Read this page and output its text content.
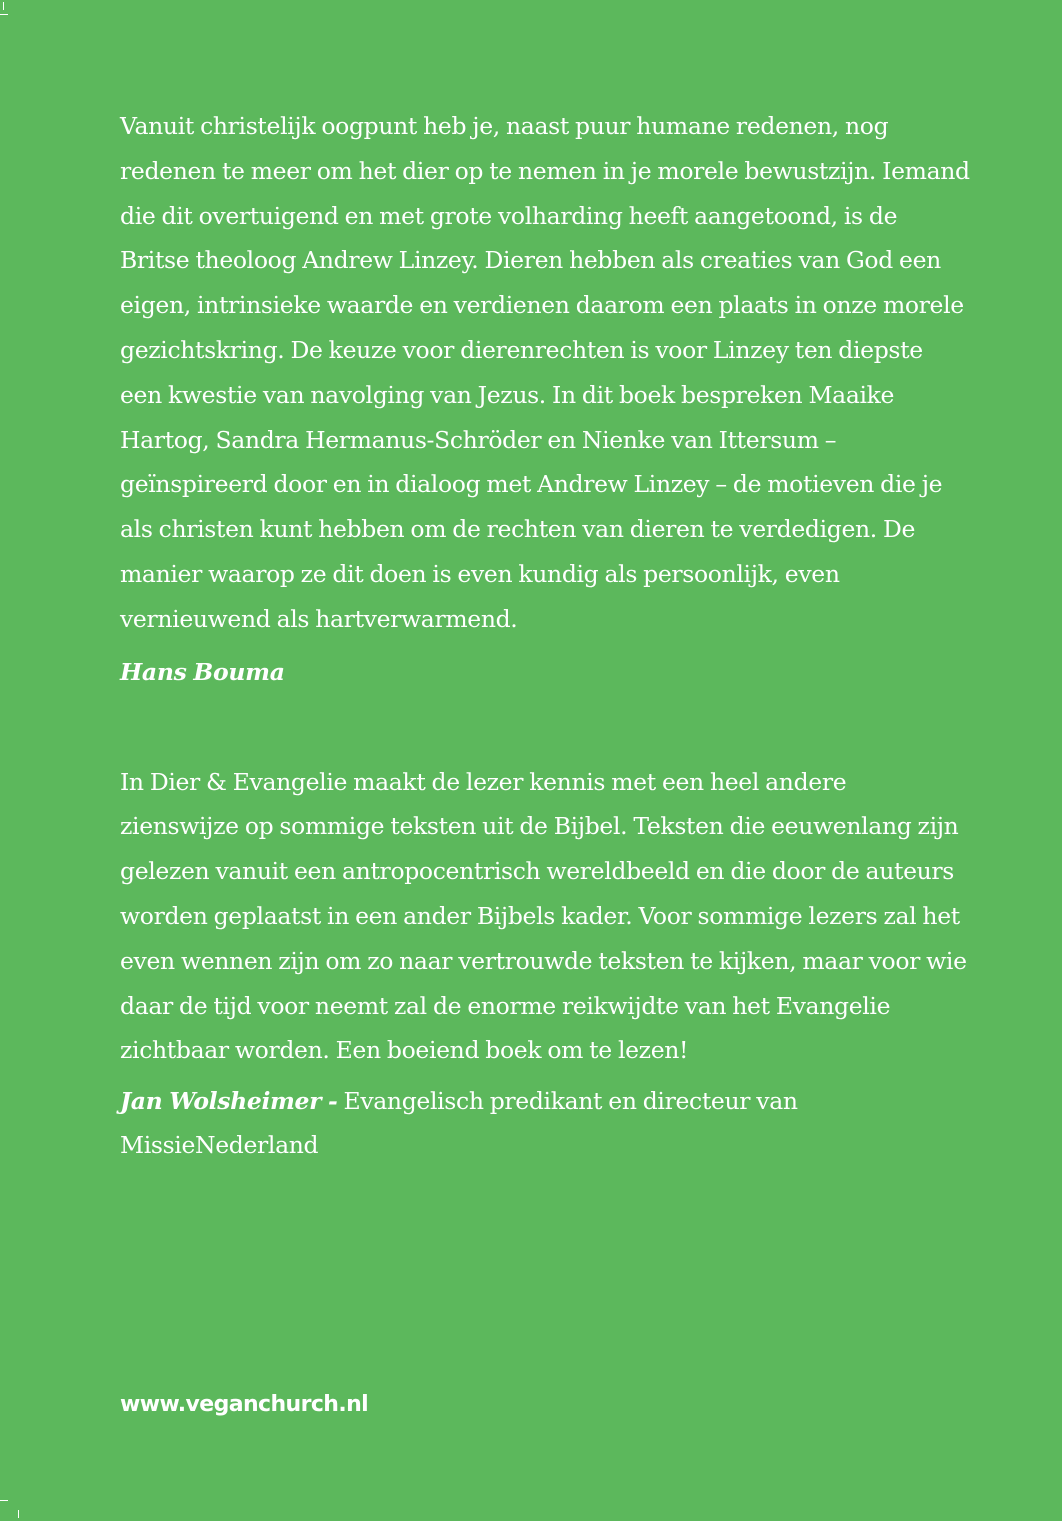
Vanuit christelijk oogpunt heb je, naast puur humane redenen, nog redenen te meer om het dier op te nemen in je morele bewustzijn. Iemand die dit overtuigend en met grote volharding heeft aangetoond, is de Britse theoloog Andrew Linzey. Dieren hebben als creaties van God een eigen, intrinsieke waarde en verdienen daarom een plaats in onze morele gezichtskring. De keuze voor dierenrechten is voor Linzey ten diepste een kwestie van navolging van Jezus. In dit boek bespreken Maaike Hartog, Sandra Hermanus-Schröder en Nienke van Ittersum – geïnspireerd door en in dialoog met Andrew Linzey – de motieven die je als christen kunt hebben om de rechten van dieren te verdedigen. De manier waarop ze dit doen is even kundig als persoonlijk, even vernieuwend als hartverwarmend.

Hans Bouma

In Dier & Evangelie maakt de lezer kennis met een heel andere zienswijze op sommige teksten uit de Bijbel. Teksten die eeuwenlang zijn gelezen vanuit een antropocentrisch wereldbeeld en die door de auteurs worden geplaatst in een ander Bijbels kader. Voor sommige lezers zal het even wennen zijn om zo naar vertrouwde teksten te kijken, maar voor wie daar de tijd voor neemt zal de enorme reikwijdte van het Evangelie zichtbaar worden. Een boeiend boek om te lezen!

Jan Wolsheimer - Evangelisch predikant en directeur van MissieNederland

www.veganchurch.nl
